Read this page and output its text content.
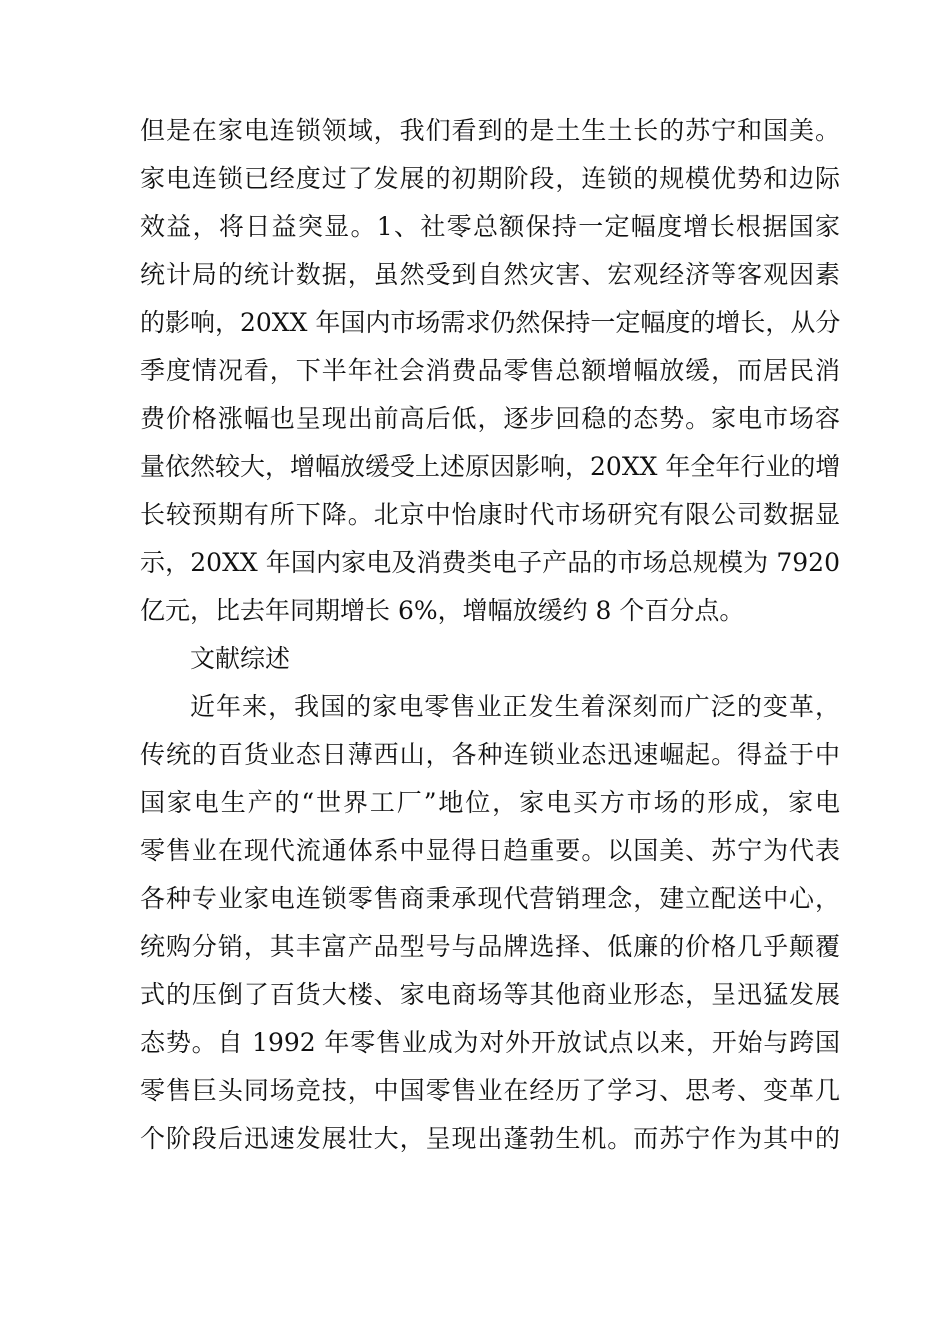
但是在家电连锁领域，我们看到的是土生土长的苏宁和国美。
家电连锁已经度过了发展的初期阶段，连锁的规模优势和边际
效益，将日益突显。1、社零总额保持一定幅度增长根据国家
统计局的统计数据，虽然受到自然灾害、宏观经济等客观因素
的影响，20XX 年国内市场需求仍然保持一定幅度的增长，从分
季度情况看，下半年社会消费品零售总额增幅放缓，而居民消
费价格涨幅也呈现出前高后低，逐步回稳的态势。家电市场容
量依然较大，增幅放缓受上述原因影响，20XX 年全年行业的增
长较预期有所下降。北京中怡康时代市场研究有限公司数据显
示，20XX 年国内家电及消费类电子产品的市场总规模为 7920
亿元，比去年同期增长 6%，增幅放缓约 8 个百分点。
文献综述
近年来，我国的家电零售业正发生着深刻而广泛的变革，
传统的百货业态日薄西山，各种连锁业态迅速崛起。得益于中
国家电生产的“世界工厂”地位，家电买方市场的形成，家电
零售业在现代流通体系中显得日趋重要。以国美、苏宁为代表
各种专业家电连锁零售商秉承现代营销理念，建立配送中心，
统购分销，其丰富产品型号与品牌选择、低廉的价格几乎颠覆
式的压倒了百货大楼、家电商场等其他商业形态，呈迅猛发展
态势。自 1992 年零售业成为对外开放试点以来，开始与跨国
零售巨头同场竞技，中国零售业在经历了学习、思考、变革几
个阶段后迅速发展壮大，呈现出蓬勃生机。而苏宁作为其中的
